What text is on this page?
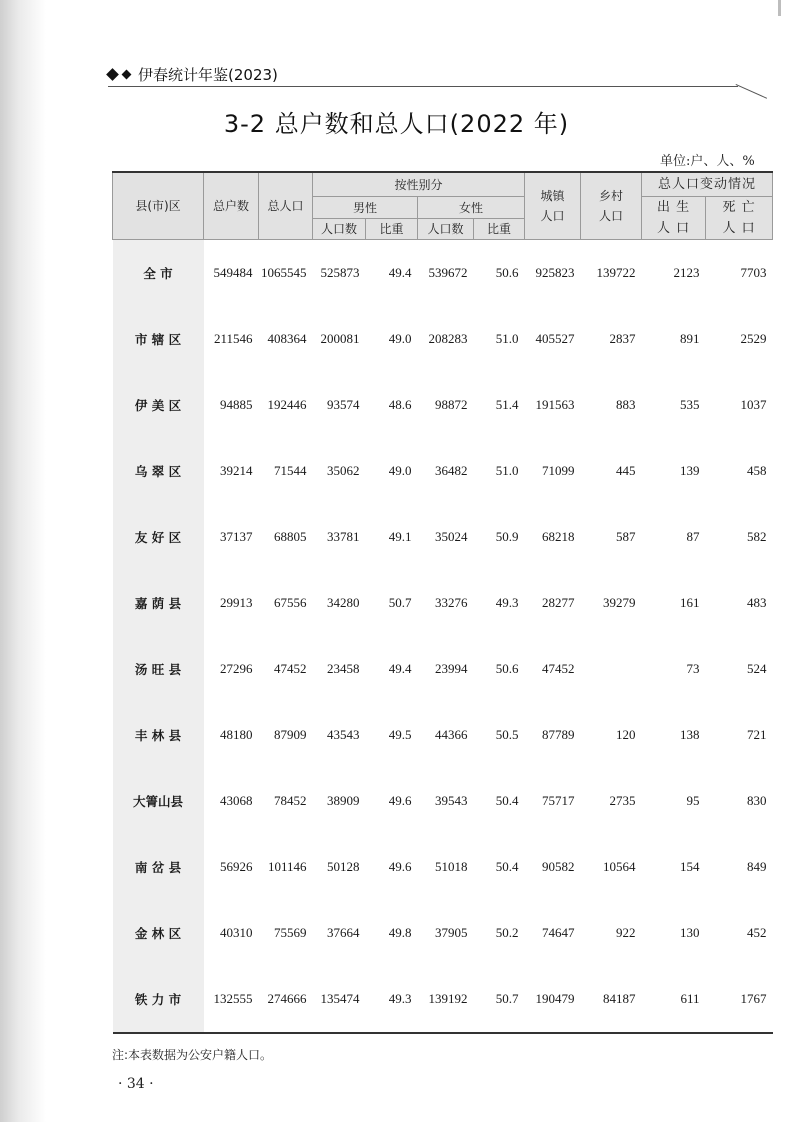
伊春统计年鉴(2023)
3-2 总户数和总人口(2022 年)
单位:户、人、%
县(市)区	总户数	总人口	按性别分				城镇人口	乡村人口	总人口变动情况	
			男性		女性				出 生人 口	死 亡人 口
			人口数	比重	人口数	比重				
全 市	549484	1065545	525873	49.4	539672	50.6	925823	139722	2123	7703
市 辖 区	211546	408364	200081	49.0	208283	51.0	405527	2837	891	2529
伊 美 区	94885	192446	93574	48.6	98872	51.4	191563	883	535	1037
乌 翠 区	39214	71544	35062	49.0	36482	51.0	71099	445	139	458
友 好 区	37137	68805	33781	49.1	35024	50.9	68218	587	87	582
嘉 荫 县	29913	67556	34280	50.7	33276	49.3	28277	39279	161	483
汤 旺 县	27296	47452	23458	49.4	23994	50.6	47452		73	524
丰 林 县	48180	87909	43543	49.5	44366	50.5	87789	120	138	721
大箐山县	43068	78452	38909	49.6	39543	50.4	75717	2735	95	830
南 岔 县	56926	101146	50128	49.6	51018	50.4	90582	10564	154	849
金 林 区	40310	75569	37664	49.8	37905	50.2	74647	922	130	452
铁 力 市	132555	274666	135474	49.3	139192	50.7	190479	84187	611	1767
注:本表数据为公安户籍人口。
· 34 ·
